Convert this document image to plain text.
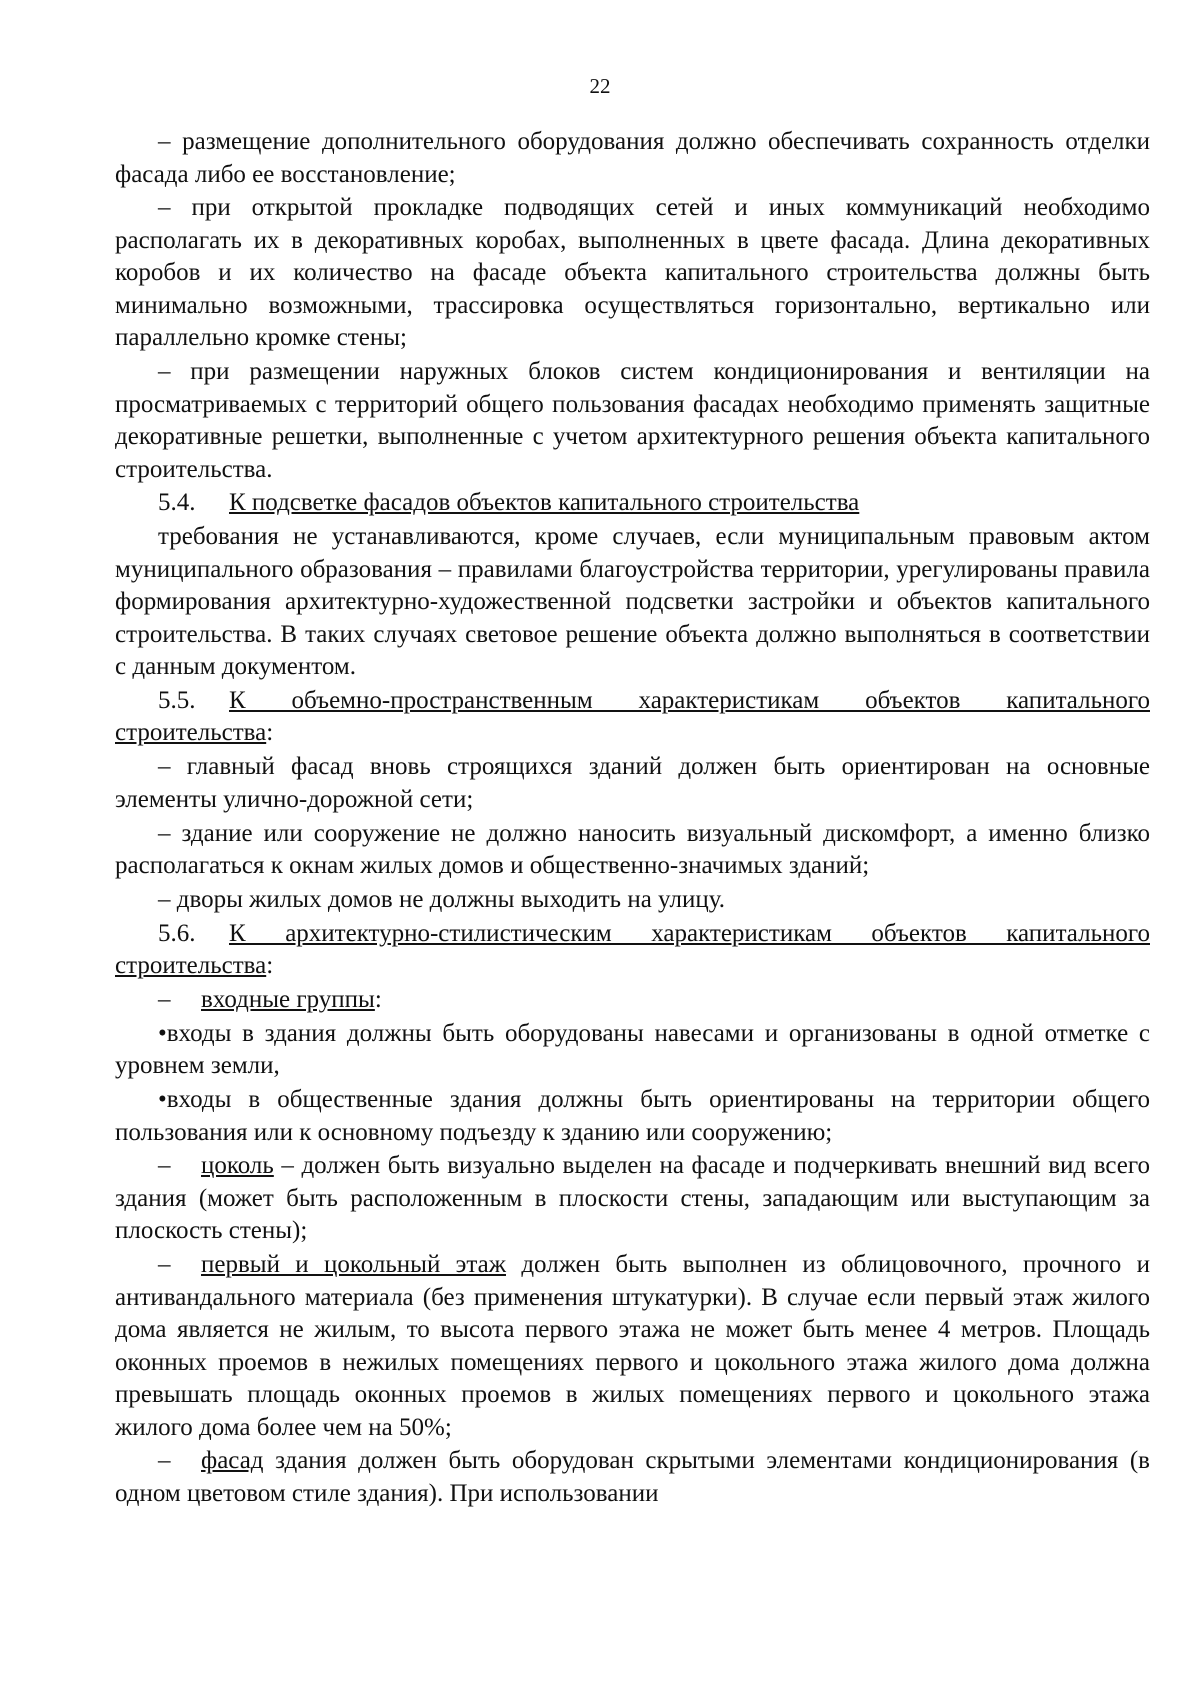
22

– размещение дополнительного оборудования должно обеспечивать сохранность отделки фасада либо ее восстановление;

– при открытой прокладке подводящих сетей и иных коммуникаций необходимо располагать их в декоративных коробах, выполненных в цвете фасада. Длина декоративных коробов и их количество на фасаде объекта капитального строительства должны быть минимально возможными, трассировка осуществляться горизонтально, вертикально или параллельно кромке стены;

– при размещении наружных блоков систем кондиционирования и вентиляции на просматриваемых с территорий общего пользования фасадах необходимо применять защитные декоративные решетки, выполненные с учетом архитектурного решения объекта капитального строительства.

5.4. К подсветке фасадов объектов капитального строительства

требования не устанавливаются, кроме случаев, если муниципальным правовым актом муниципального образования – правилами благоустройства территории, урегулированы правила формирования архитектурно-художественной подсветки застройки и объектов капитального строительства. В таких случаях световое решение объекта должно выполняться в соответствии с данным документом.

5.5. К объемно-пространственным характеристикам объектов капитального строительства:

– главный фасад вновь строящихся зданий должен быть ориентирован на основные элементы улично-дорожной сети;

– здание или сооружение не должно наносить визуальный дискомфорт, а именно близко располагаться к окнам жилых домов и общественно-значимых зданий;

– дворы жилых домов не должны выходить на улицу.

5.6. К архитектурно-стилистическим характеристикам объектов капитального строительства:

– входные группы:

•входы в здания должны быть оборудованы навесами и организованы в одной отметке с уровнем земли,

•входы в общественные здания должны быть ориентированы на территории общего пользования или к основному подъезду к зданию или сооружению;

– цоколь – должен быть визуально выделен на фасаде и подчеркивать внешний вид всего здания (может быть расположенным в плоскости стены, западающим или выступающим за плоскость стены);

– первый и цокольный этаж должен быть выполнен из облицовочного, прочного и антивандального материала (без применения штукатурки). В случае если первый этаж жилого дома является не жилым, то высота первого этажа не может быть менее 4 метров. Площадь оконных проемов в нежилых помещениях первого и цокольного этажа жилого дома должна превышать площадь оконных проемов в жилых помещениях первого и цокольного этажа жилого дома более чем на 50%;

– фасад здания должен быть оборудован скрытыми элементами кондиционирования (в одном цветовом стиле здания). При использовании
